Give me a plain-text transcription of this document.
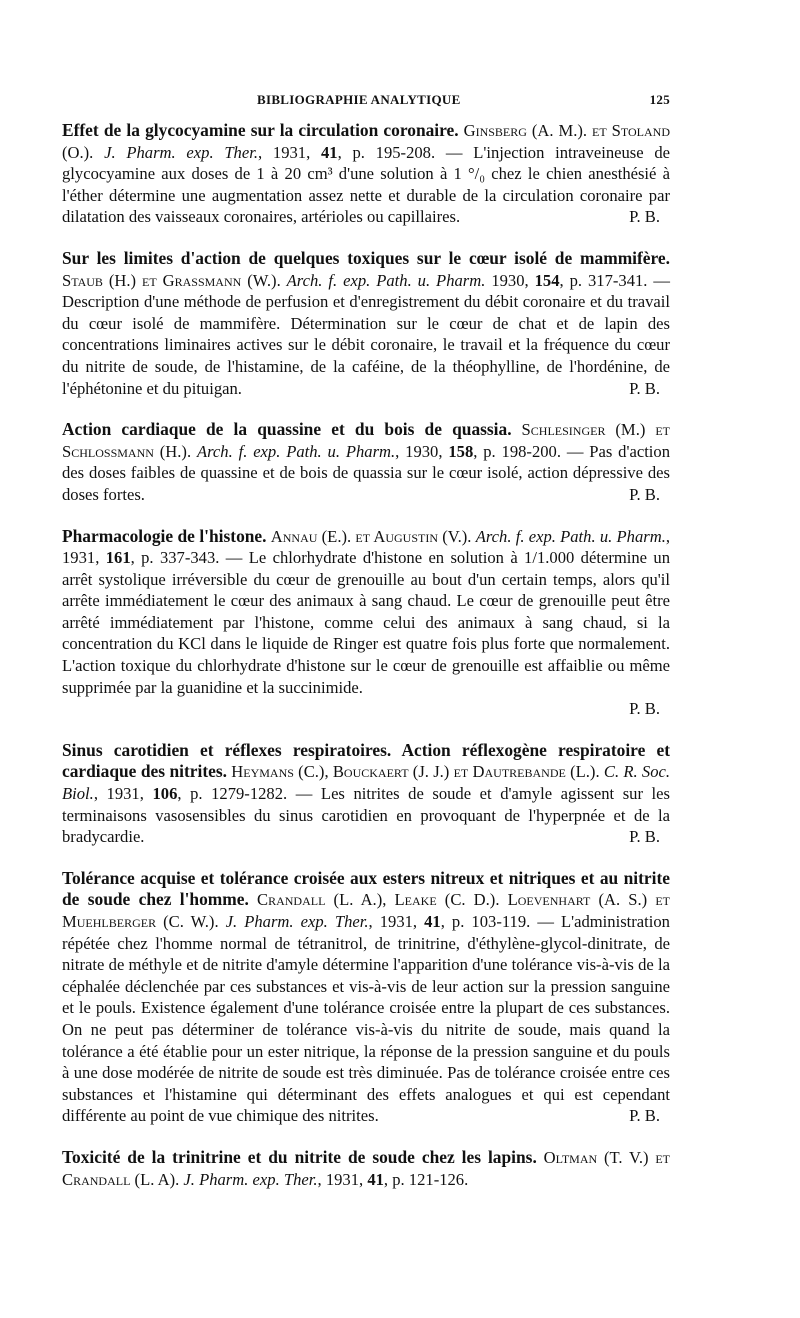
BIBLIOGRAPHIE ANALYTIQUE	125

Effet de la glycocyamine sur la circulation coronaire. Ginsberg (A. M.). et Stoland (O.). J. Pharm. exp. Ther., 1931, 41, p. 195-208. — L'injection intraveineuse de glycocyamine aux doses de 1 à 20 cm³ d'une solution à 1 °/₀ chez le chien anesthésié à l'éther détermine une augmentation assez nette et durable de la circulation coronaire par dilatation des vaisseaux coronaires, artérioles ou capillaires.	P. B.

Sur les limites d'action de quelques toxiques sur le cœur isolé de mammifère. Staub (H.) et Grassmann (W.). Arch. f. exp. Path. u. Pharm. 1930, 154, p. 317-341. — Description d'une méthode de perfusion et d'enregistrement du débit coronaire et du travail du cœur isolé de mammifère. Détermination sur le cœur de chat et de lapin des concentrations liminaires actives sur le débit coronaire, le travail et la fréquence du cœur du nitrite de soude, de l'histamine, de la caféine, de la théophylline, de l'hordénine, de l'éphétonine et du pituigan.	P. B.

Action cardiaque de la quassine et du bois de quassia. Schlesinger (M.) et Schlossmann (H.). Arch. f. exp. Path. u. Pharm., 1930, 158, p. 198-200. — Pas d'action des doses faibles de quassine et de bois de quassia sur le cœur isolé, action dépressive des doses fortes.	P. B.

Pharmacologie de l'histone. Annau (E.). et Augustin (V.). Arch. f. exp. Path. u. Pharm., 1931, 161, p. 337-343. — Le chlorhydrate d'histone en solution à 1/1.000 détermine un arrêt systolique irréversible du cœur de grenouille au bout d'un certain temps, alors qu'il arrête immédiatement le cœur des animaux à sang chaud. Le cœur de grenouille peut être arrêté immédiatement par l'histone, comme celui des animaux à sang chaud, si la concentration du KCl dans le liquide de Ringer est quatre fois plus forte que normalement. L'action toxique du chlorhydrate d'histone sur le cœur de grenouille est affaiblie ou même supprimée par la guanidine et la succinimide.

P. B.

Sinus carotidien et réflexes respiratoires. Action réflexogène respiratoire et cardiaque des nitrites. Heymans (C.), Bouckaert (J. J.) et Dautrebande (L.). C. R. Soc. Biol., 1931, 106, p. 1279-1282. — Les nitrites de soude et d'amyle agissent sur les terminaisons vasosensibles du sinus carotidien en provoquant de l'hyperpnée et de la bradycardie.	P. B.

Tolérance acquise et tolérance croisée aux esters nitreux et nitriques et au nitrite de soude chez l'homme. Crandall (L. A.), Leake (C. D.). Loevenhart (A. S.) et Muehlberger (C. W.). J. Pharm. exp. Ther., 1931, 41, p. 103-119. — L'administration répétée chez l'homme normal de tétranitrol, de trinitrine, d'éthylène-glycol-dinitrate, de nitrate de méthyle et de nitrite d'amyle détermine l'apparition d'une tolérance vis-à-vis de la céphalée déclenchée par ces substances et vis-à-vis de leur action sur la pression sanguine et le pouls. Existence également d'une tolérance croisée entre la plupart de ces substances. On ne peut pas déterminer de tolérance vis-à-vis du nitrite de soude, mais quand la tolérance a été établie pour un ester nitrique, la réponse de la pression sanguine et du pouls à une dose modérée de nitrite de soude est très diminuée. Pas de tolérance croisée entre ces substances et l'histamine qui déterminant des effets analogues et qui est cependant différente au point de vue chimique des nitrites.	P. B.

Toxicité de la trinitrine et du nitrite de soude chez les lapins. Oltman (T. V.) et Crandall (L. A). J. Pharm. exp. Ther., 1931, 41, p. 121-126.
